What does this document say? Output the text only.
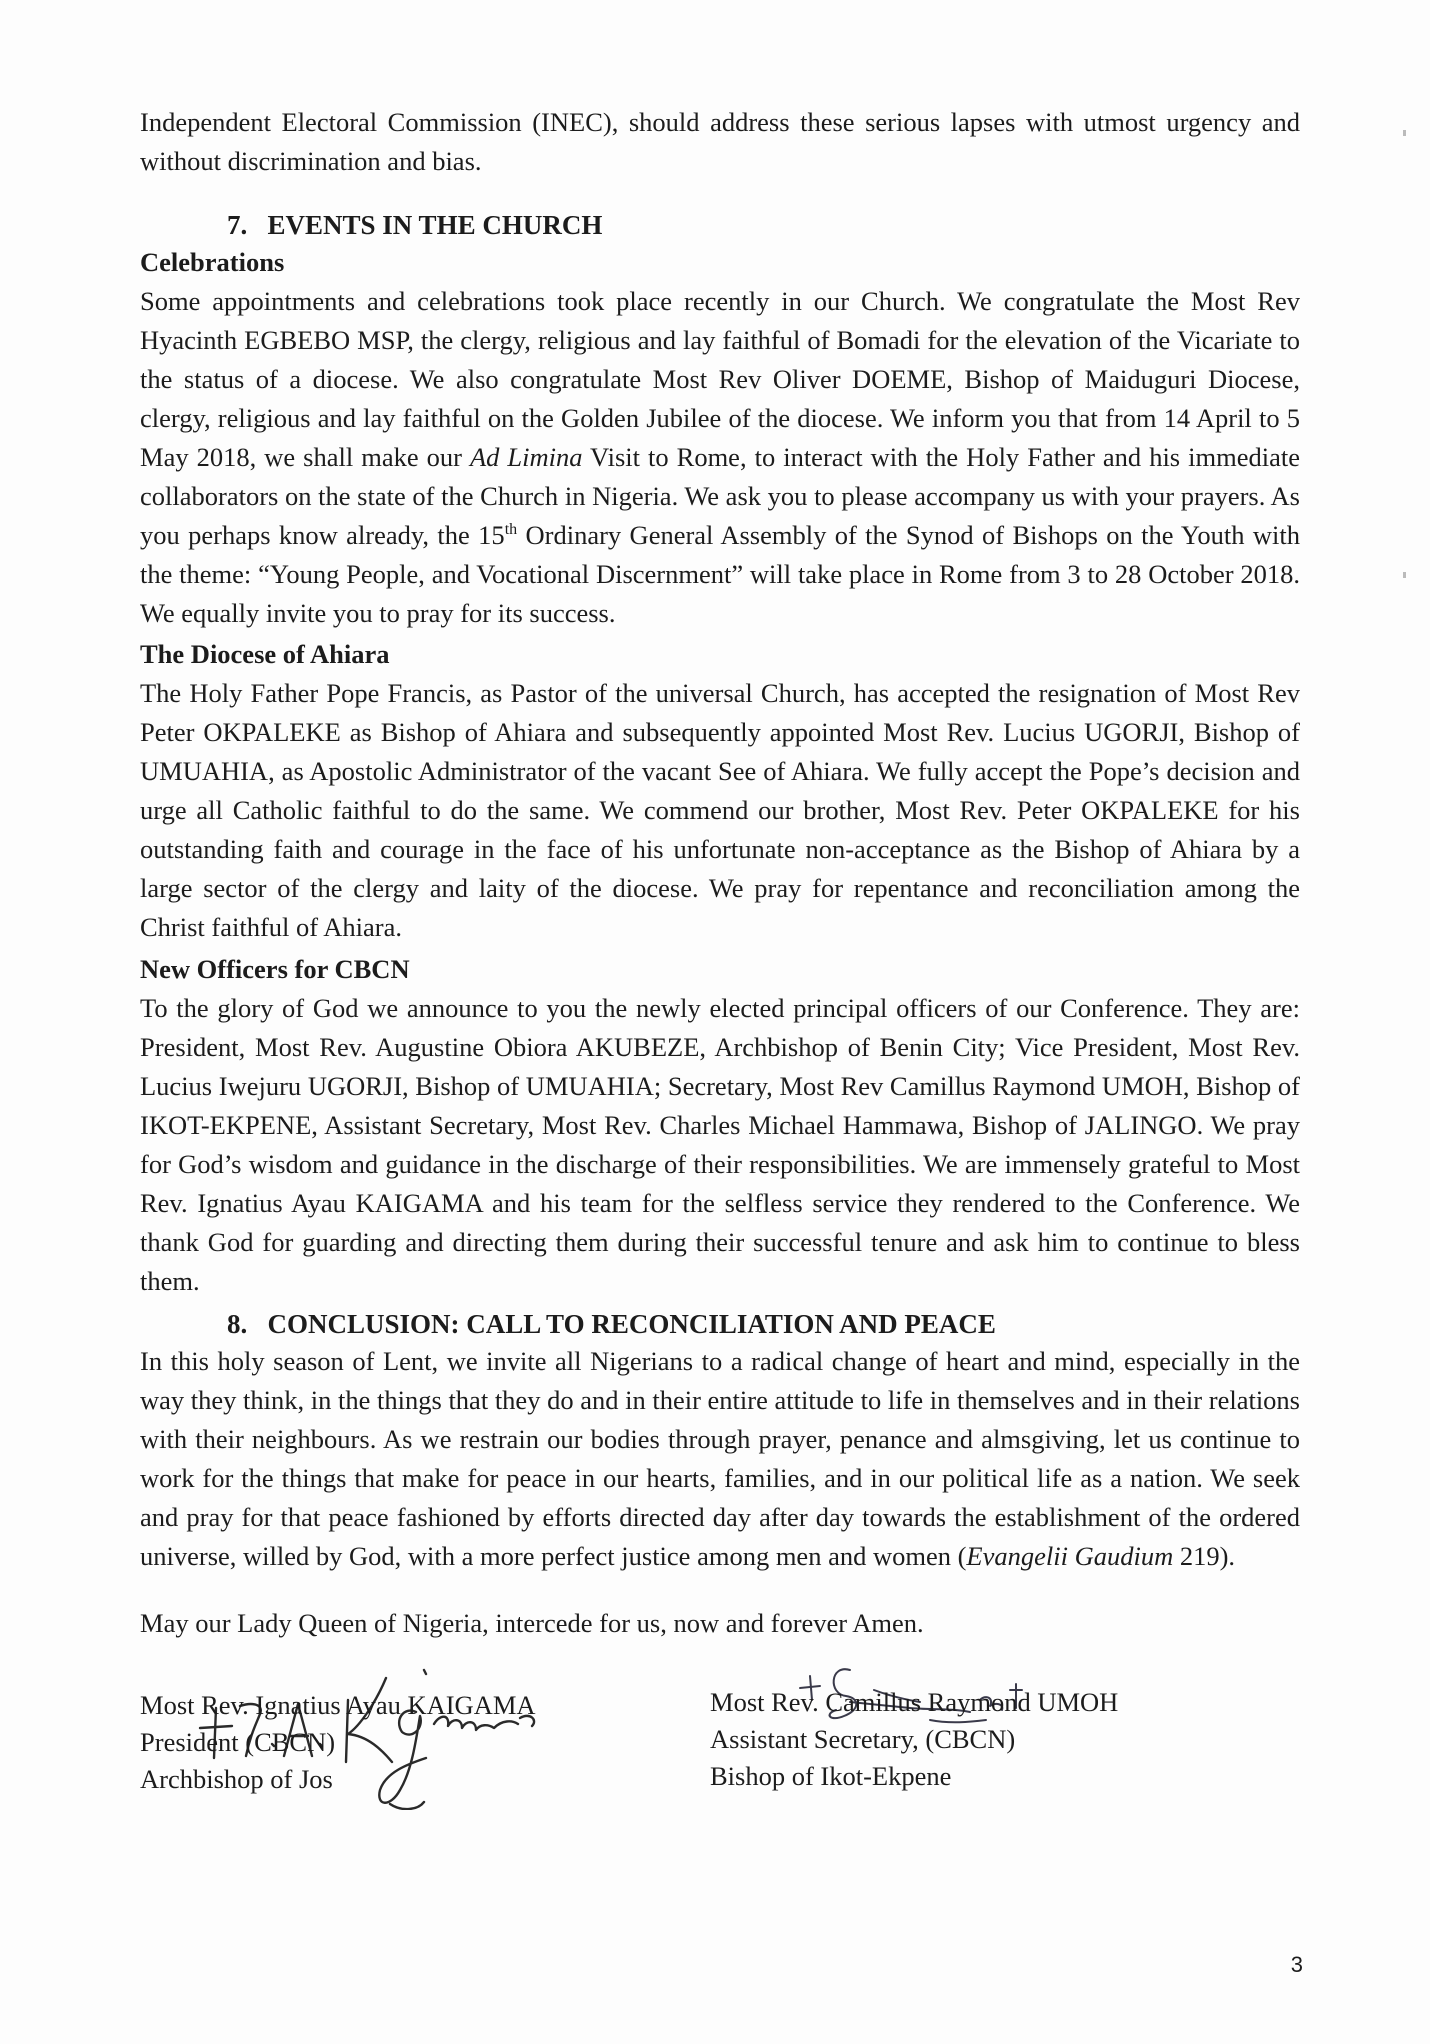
Independent Electoral Commission (INEC), should address these serious lapses with utmost urgency and without discrimination and bias.

7. EVENTS IN THE CHURCH

Celebrations

Some appointments and celebrations took place recently in our Church. We congratulate the Most Rev Hyacinth EGBEBO MSP, the clergy, religious and lay faithful of Bomadi for the elevation of the Vicariate to the status of a diocese. We also congratulate Most Rev Oliver DOEME, Bishop of Maiduguri Diocese, clergy, religious and lay faithful on the Golden Jubilee of the diocese. We inform you that from 14 April to 5 May 2018, we shall make our Ad Limina Visit to Rome, to interact with the Holy Father and his immediate collaborators on the state of the Church in Nigeria. We ask you to please accompany us with your prayers. As you perhaps know already, the 15th Ordinary General Assembly of the Synod of Bishops on the Youth with the theme: “Young People, and Vocational Discernment” will take place in Rome from 3 to 28 October 2018. We equally invite you to pray for its success.

The Diocese of Ahiara

The Holy Father Pope Francis, as Pastor of the universal Church, has accepted the resignation of Most Rev Peter OKPALEKE as Bishop of Ahiara and subsequently appointed Most Rev. Lucius UGORJI, Bishop of UMUAHIA, as Apostolic Administrator of the vacant See of Ahiara. We fully accept the Pope’s decision and urge all Catholic faithful to do the same. We commend our brother, Most Rev. Peter OKPALEKE for his outstanding faith and courage in the face of his unfortunate non-acceptance as the Bishop of Ahiara by a large sector of the clergy and laity of the diocese. We pray for repentance and reconciliation among the Christ faithful of Ahiara.

New Officers for CBCN

To the glory of God we announce to you the newly elected principal officers of our Conference. They are: President, Most Rev. Augustine Obiora AKUBEZE, Archbishop of Benin City; Vice President, Most Rev. Lucius Iwejuru UGORJI, Bishop of UMUAHIA; Secretary, Most Rev Camillus Raymond UMOH, Bishop of IKOT-EKPENE, Assistant Secretary, Most Rev. Charles Michael Hammawa, Bishop of JALINGO. We pray for God’s wisdom and guidance in the discharge of their responsibilities. We are immensely grateful to Most Rev. Ignatius Ayau KAIGAMA and his team for the selfless service they rendered to the Conference. We thank God for guarding and directing them during their successful tenure and ask him to continue to bless them.

8. CONCLUSION: CALL TO RECONCILIATION AND PEACE

In this holy season of Lent, we invite all Nigerians to a radical change of heart and mind, especially in the way they think, in the things that they do and in their entire attitude to life in themselves and in their relations with their neighbours. As we restrain our bodies through prayer, penance and almsgiving, let us continue to work for the things that make for peace in our hearts, families, and in our political life as a nation. We seek and pray for that peace fashioned by efforts directed day after day towards the establishment of the ordered universe, willed by God, with a more perfect justice among men and women (Evangelii Gaudium 219).

May our Lady Queen of Nigeria, intercede for us, now and forever Amen.

Most Rev. Ignatius Ayau KAIGAMA
President (CBCN)
Archbishop of Jos
Most Rev. Camillus Raymond UMOH
Assistant Secretary, (CBCN)
Bishop of Ikot-Ekpene
3
